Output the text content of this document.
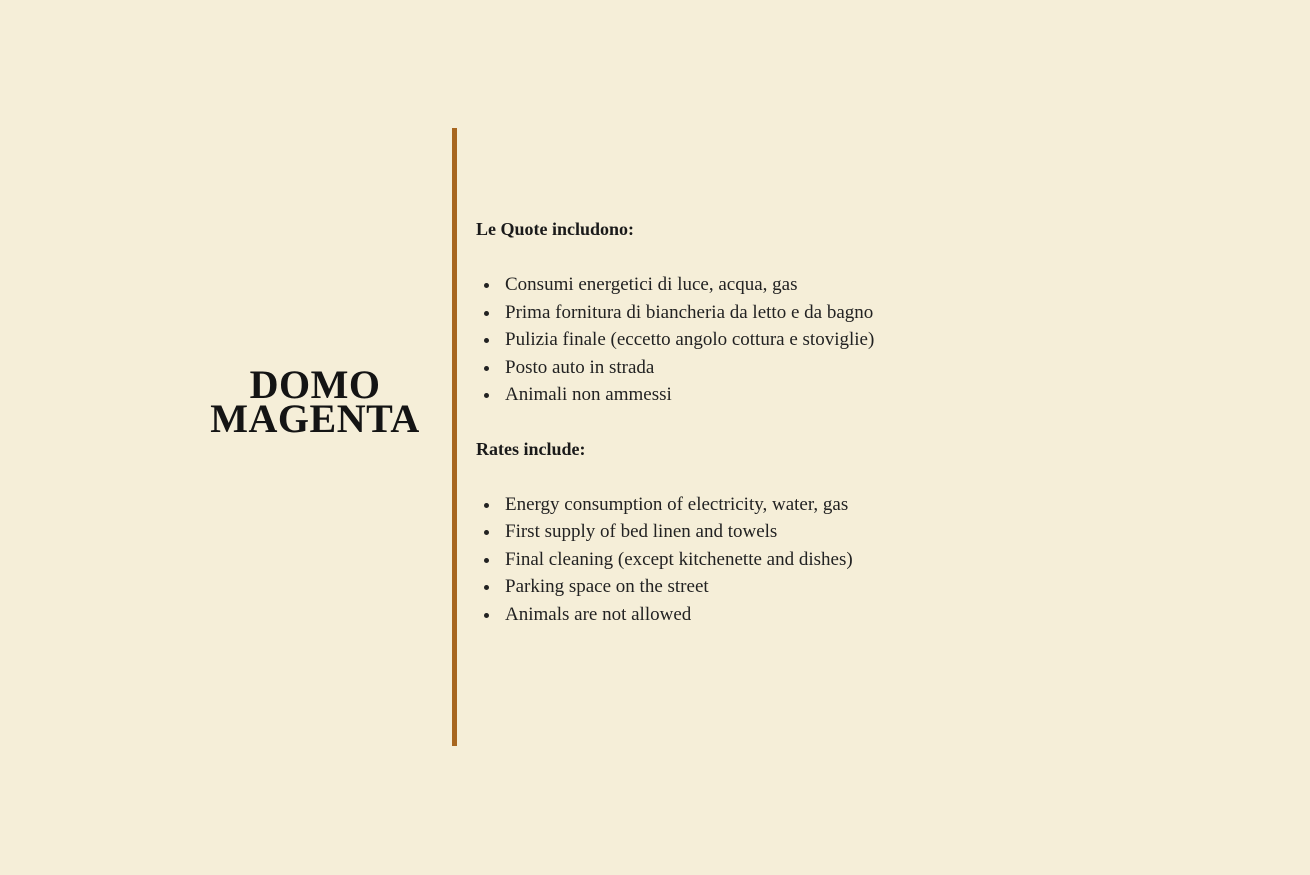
DOMO
MAGENTA

Le Quote includono:

Consumi energetici di luce, acqua, gas
Prima fornitura di biancheria da letto e da bagno
Pulizia finale (eccetto angolo cottura e stoviglie)
Posto auto in strada
Animali non ammessi

Rates include:

Energy consumption of electricity, water, gas
First supply of bed linen and towels
Final cleaning (except kitchenette and dishes)
Parking space on the street
Animals are not allowed
